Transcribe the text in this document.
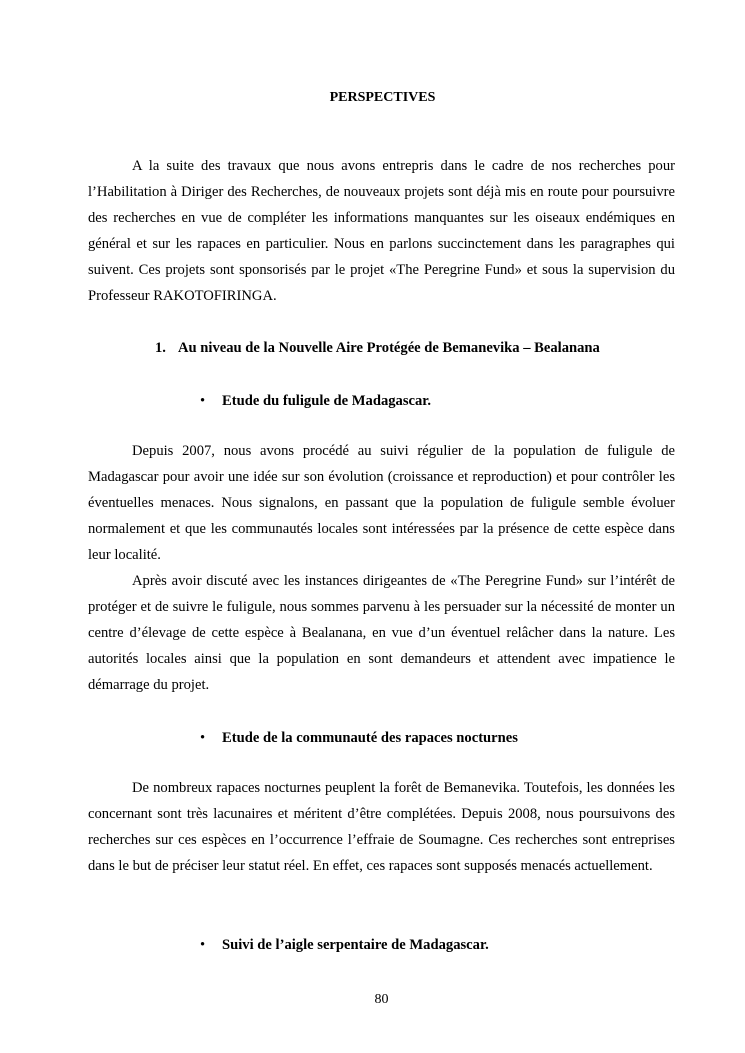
PERSPECTIVES

A la suite des travaux que nous avons entrepris dans le cadre de nos recherches pour l’Habilitation à Diriger des Recherches, de nouveaux projets sont déjà mis en route pour poursuivre des recherches en vue de compléter les informations manquantes sur les oiseaux endémiques en général et sur les rapaces en particulier. Nous en parlons succinctement dans les paragraphes qui suivent. Ces projets sont sponsorisés par le projet «The Peregrine Fund» et sous la supervision du Professeur RAKOTOFIRINGA.

1. Au niveau de la Nouvelle Aire Protégée de Bemanevika – Bealanana
• Etude du fuligule de Madagascar.

Depuis 2007, nous avons procédé au suivi régulier de la population de fuligule de Madagascar pour avoir une idée sur son évolution (croissance et reproduction) et pour contrôler les éventuelles menaces. Nous signalons, en passant que la population de fuligule semble évoluer normalement et que les communautés locales sont intéressées par la présence de cette espèce dans leur localité.

Après avoir discuté avec les instances dirigeantes de «The Peregrine Fund» sur l’intérêt de protéger et de suivre le fuligule, nous sommes parvenu à les persuader sur la nécessité de monter un centre d’élevage de cette espèce à Bealanana, en vue d’un éventuel relâcher dans la nature. Les autorités locales ainsi que la population en sont demandeurs et attendent avec impatience le démarrage du projet.

• Etude de la communauté des rapaces nocturnes

De nombreux rapaces nocturnes peuplent la forêt de Bemanevika. Toutefois, les données les concernant sont très lacunaires et méritent d’être complétées. Depuis 2008, nous poursuivons des recherches sur ces espèces en l’occurrence l’effraie de Soumagne. Ces recherches sont entreprises dans le but de préciser leur statut réel. En effet, ces rapaces sont supposés menacés actuellement.

• Suivi de l’aigle serpentaire de Madagascar.
80
